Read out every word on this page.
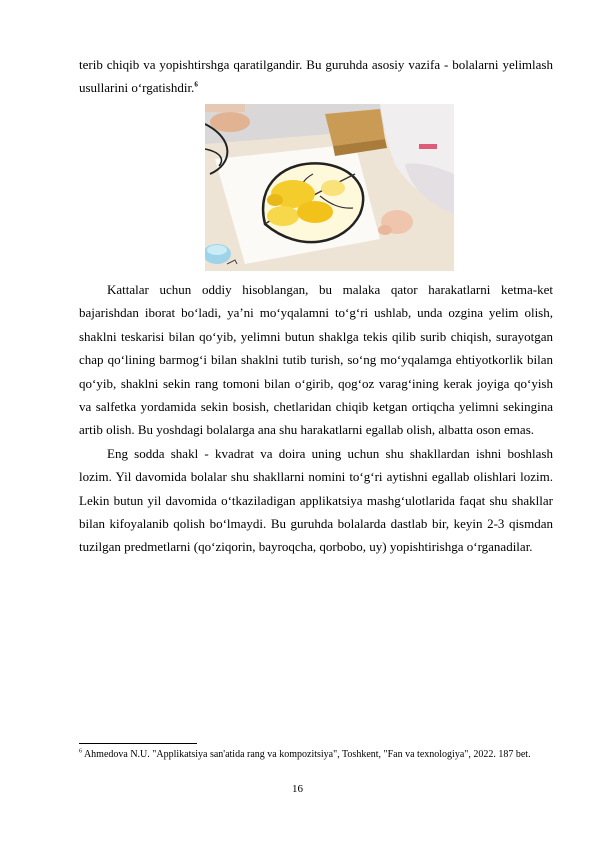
terib chiqib va yopishtirshga qaratilgandir. Bu guruhda asosiy vazifa - bolalarni yelimlash usullarini o‘rgatishdir.$^6$

Kattalar uchun oddiy hisoblangan, bu malaka qator harakatlarni ketma-ket bajarishdan iborat bo‘ladi, ya’ni mo‘yqalamni to‘g‘ri ushlab, unda ozgina yelim olish, shaklni teskarisi bilan qo‘yib, yelimni butun shaklga tekis qilib surib chiqish, surayotgan chap qo‘lining barmog‘i bilan shaklni tutib turish, so‘ng mo‘yqalamga ehtiyotkorlik bilan qo‘yib, shaklni sekin rang tomoni bilan o‘girib, qog‘oz varag‘ining kerak joyiga qo‘yish va salfetka yordamida sekin bosish, chetlaridan chiqib ketgan ortiqcha yelimni sekingina artib olish. Bu yoshdagi bolalarga ana shu harakatlarni egallab olish, albatta oson emas.

Eng sodda shakl - kvadrat va doira uning uchun shu shakllardan ishni boshlash lozim. Yil davomida bolalar shu shakllarni nomini to‘g‘ri aytishni egallab olishlari lozim. Lekin butun yil davomida o‘tkaziladigan applikatsiya mashg‘ulotlarida faqat shu shakllar bilan kifoyalanib qolish bo‘lmaydi. Bu guruhda bolalarda dastlab bir, keyin 2-3 qismdan tuzilgan predmetlarni (qo‘ziqorin, bayroqcha, qorbobo, uy) yopishtirishga o‘rganadilar.

$^6$ Ahmedova N.U. "Applikatsiya san'atida rang va kompozitsiya", Toshkent, "Fan va texnologiya", 2022. 187 bet.
16
